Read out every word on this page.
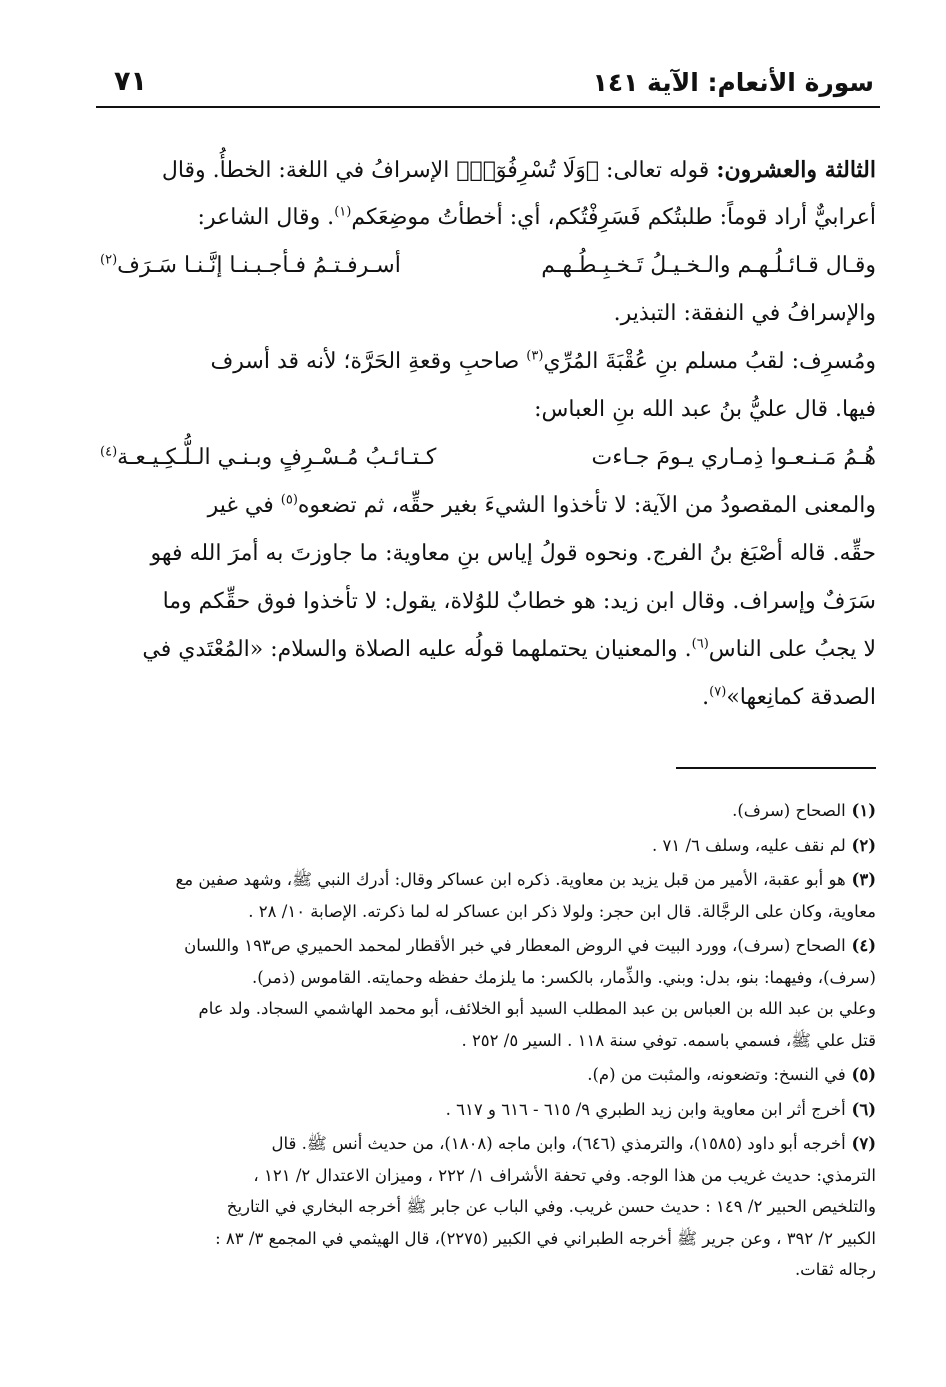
سورة الأنعام: الآية ١٤١
٧١
الثالثة والعشرون: قوله تعالى: ﴿وَلَا تُسْرِفُوٓا۟﴾ الإسرافُ في اللغة: الخطأُ. وقال
أعرابيٌّ أراد قوماً: طلبتُكم فَسَرِفْتُكم، أي: أخطأتُ موضِعَكم$^{(١)}$. وقال الشاعر:
وقـال قـائـلُـهـم والـخـيـلُ تَـخـبِـطُـهـم
أسـرفـتـمُ فـأجـبـنـا إنَّـنـا سَـرَف$^{(٢)}$
والإسرافُ في النفقة: التبذير.
ومُسرِف: لقبُ مسلم بنِ عُقْبَةَ المُرِّي$^{(٣)}$ صاحبِ وقعةِ الحَرَّة؛ لأنه قد أسرف
فيها. قال عليُّ بنُ عبد الله بنِ العباس:
هُـمُ مَـنـعـوا ذِمـاري يـومَ جـاءت
كـتـائـبُ مُـسْـرِفٍ وبـنـي الـلُّـكِـيـعـة$^{(٤)}$
والمعنى المقصودُ من الآية: لا تأخذوا الشيءَ بغير حقِّه، ثم تضعوه$^{(٥)}$ في غير
حقِّه. قاله أصْبَغ بنُ الفرج. ونحوه قولُ إياس بنِ معاوية: ما جاوزتَ به أمرَ الله فهو
سَرَفٌ وإسراف. وقال ابن زيد: هو خطابٌ للوُلاة، يقول: لا تأخذوا فوق حقِّكم وما
لا يجبُ على الناس$^{(٦)}$. والمعنيان يحتملهما قولُه عليه الصلاة والسلام: «المُعْتَدي في
الصدقة كمانِعها»$^{(٧)}$.
(١) الصحاح (سرف).
(٢) لم نقف عليه، وسلف ٦/ ٧١ .
(٣) هو أبو عقبة، الأمير من قبل يزيد بن معاوية. ذكره ابن عساكر وقال: أدرك النبي ﷺ، وشهد صفين مع
معاوية، وكان على الرجَّالة. قال ابن حجر: ولولا ذكر ابن عساكر له لما ذكرته. الإصابة ١٠/ ٢٨ .
(٤) الصحاح (سرف)، وورد البيت في الروض المعطار في خبر الأقطار لمحمد الحميري ص١٩٣ واللسان
(سرف)، وفيهما: بنو، بدل: وبني. والذِّمار، بالكسر: ما يلزمك حفظه وحمايته. القاموس (ذمر).
وعلي بن عبد الله بن العباس بن عبد المطلب السيد أبو الخلائف، أبو محمد الهاشمي السجاد. ولد عام
قتل علي ﷺ، فسمي باسمه. توفي سنة ١١٨ . السير ٥/ ٢٥٢ .
(٥) في النسخ: وتضعونه، والمثبت من (م).
(٦) أخرج أثر ابن معاوية وابن زيد الطبري ٩/ ٦١٥ - ٦١٦ و ٦١٧ .
(٧) أخرجه أبو داود (١٥٨٥)، والترمذي (٦٤٦)، وابن ماجه (١٨٠٨)، من حديث أنس ﷺ. قال
الترمذي: حديث غريب من هذا الوجه. وفي تحفة الأشراف ١/ ٢٢٢ ، وميزان الاعتدال ٢/ ١٢١ ،
والتلخيص الحبير ٢/ ١٤٩ : حديث حسن غريب. وفي الباب عن جابر ﷺ أخرجه البخاري في التاريخ
الكبير ٢/ ٣٩٢ ، وعن جرير ﷺ أخرجه الطبراني في الكبير (٢٢٧٥)، قال الهيثمي في المجمع ٣/ ٨٣ :
رجاله ثقات.
